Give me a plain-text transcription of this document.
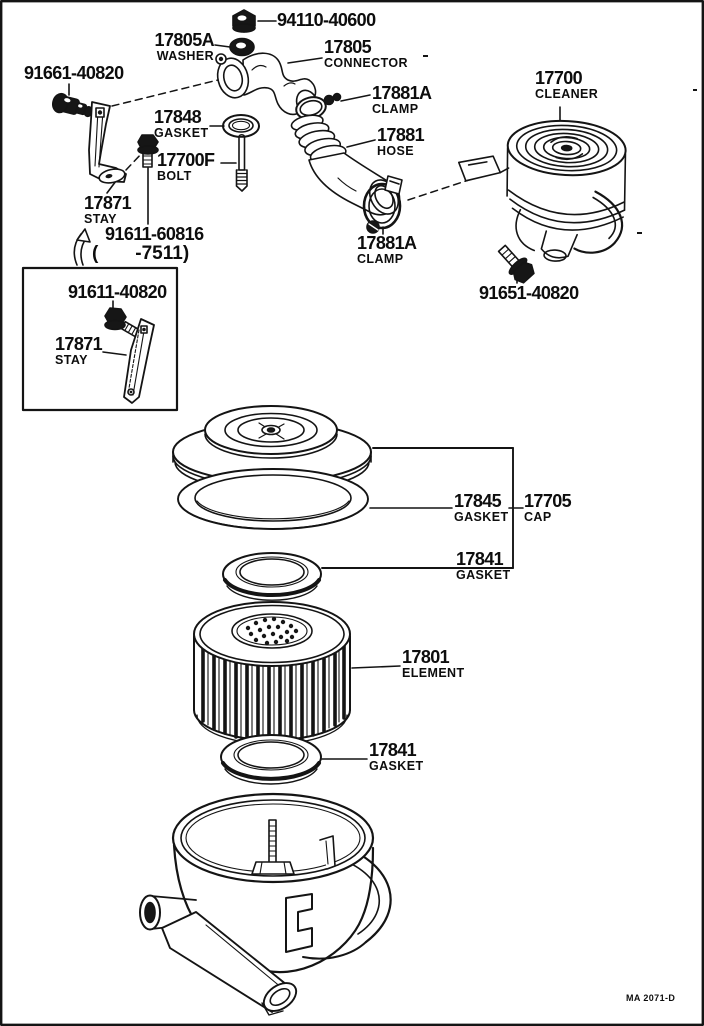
94110-40600
17805A
WASHER	17805
CONNECTOR
91661-40820
17881A
CLAMP
17848
GASKET	17881
HOSE
17700
CLEANER
17700F
BOLT
17871
STAY
91611-60816
(       -7511)	17881A
CLAMP
91651-40820
91611-40820
17871
STAY
17845
GASKET
17705
CAP
17841
GASKET
17801
ELEMENT
17841
GASKET
MA 2071-D
